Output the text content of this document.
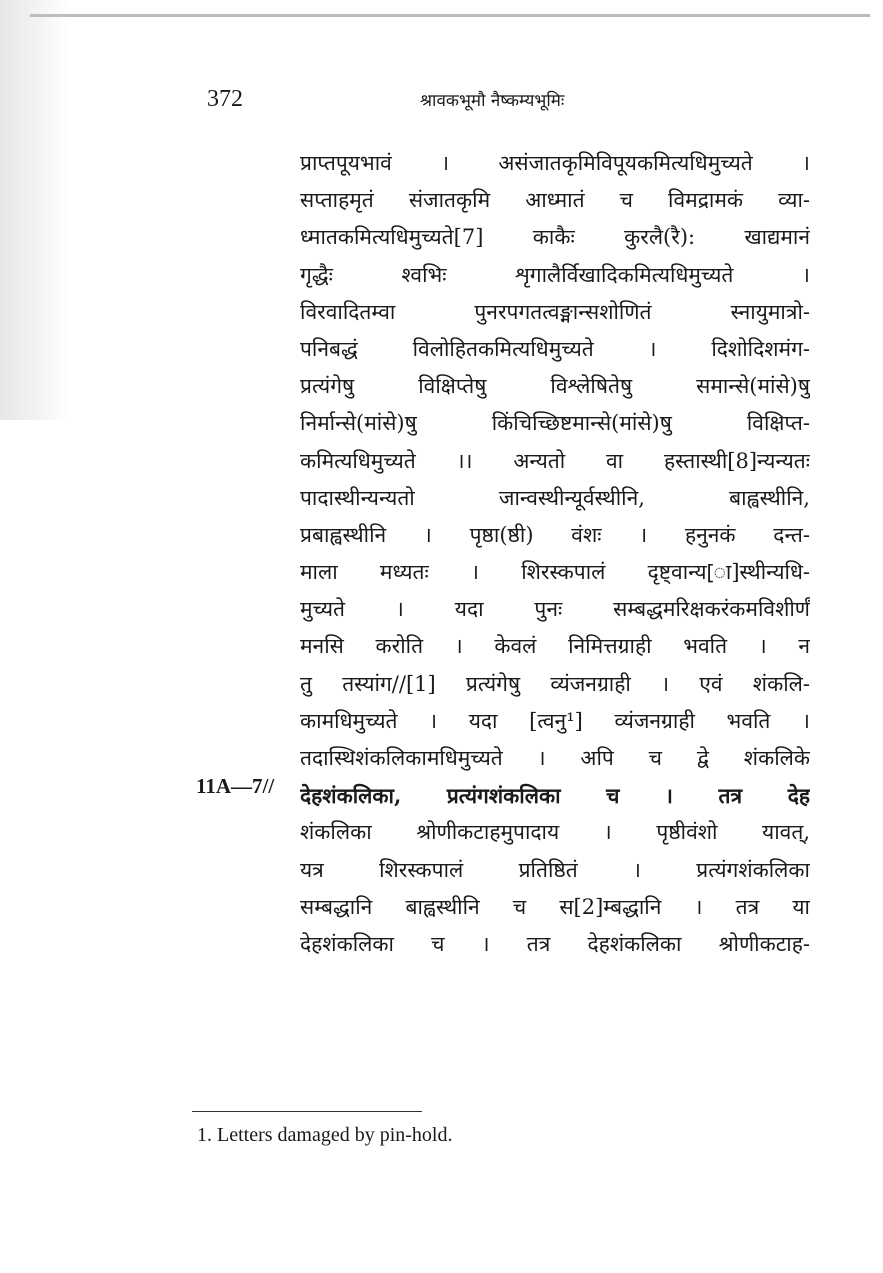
372	श्रावकभूमौ नैष्कम्यभूमिः
प्राप्तपूयभावं । असंजातकृमिविपूयकमित्यधिमुच्यते ।
सप्ताहमृतं संजातकृमि आध्मातं च विमद्रामकं व्या-
ध्मातकमित्यधिमुच्यते[7] काकैः कुरलै(रै): खाद्यमानं
गृद्धैः श्वभिः शृगालैर्विखादिकमित्यधिमुच्यते ।
विरवादितम्वा पुनरपगतत्वङ्मान्सशोणितं स्नायुमात्रो-
पनिबद्धं विलोहितकमित्यधिमुच्यते । दिशोदिशमंग-
प्रत्यंगेषु विक्षिप्तेषु विश्लेषितेषु समान्से(मांसे)षु
निर्मान्से(मांसे)षु किंचिच्छिष्टमान्से(मांसे)षु विक्षिप्त-
कमित्यधिमुच्यते ।। अन्यतो वा हस्तास्थी[8]न्यन्यतः
पादास्थीन्यन्यतो जान्वस्थीन्यूर्वस्थीनि, बाह्वस्थीनि,
प्रबाह्वस्थीनि । पृष्ठा(ष्ठी) वंशः । हनुनकं दन्त-
माला मध्यतः । शिरस्कपालं दृष्ट्वान्य[ा]स्थीन्यधि-
मुच्यते । यदा पुनः सम्बद्धमरिक्षकरंकमविशीर्णं
मनसि करोति । केवलं निमित्तग्राही भवति । न
तु तस्यांग//[1] प्रत्यंगेषु व्यंजनग्राही । एवं शंकलि-
कामधिमुच्यते । यदा [त्वनु¹] व्यंजनग्राही भवति ।
तदास्थिशंकलिकामधिमुच्यते । अपि च द्वे शंकलिके
देहशंकलिका, प्रत्यंगशंकलिका च । तत्र देह
शंकलिका श्रोणीकटाहमुपादाय । पृष्ठीवंशो यावत्,
यत्र शिरस्कपालं प्रतिष्ठितं । प्रत्यंगशंकलिका
सम्बद्धानि बाह्वस्थीनि च स[2]म्बद्धानि । तत्र या
देहशंकलिका च । तत्र देहशंकलिका श्रोणीकटाह-
11A—7//
1. Letters damaged by pin-hold.
